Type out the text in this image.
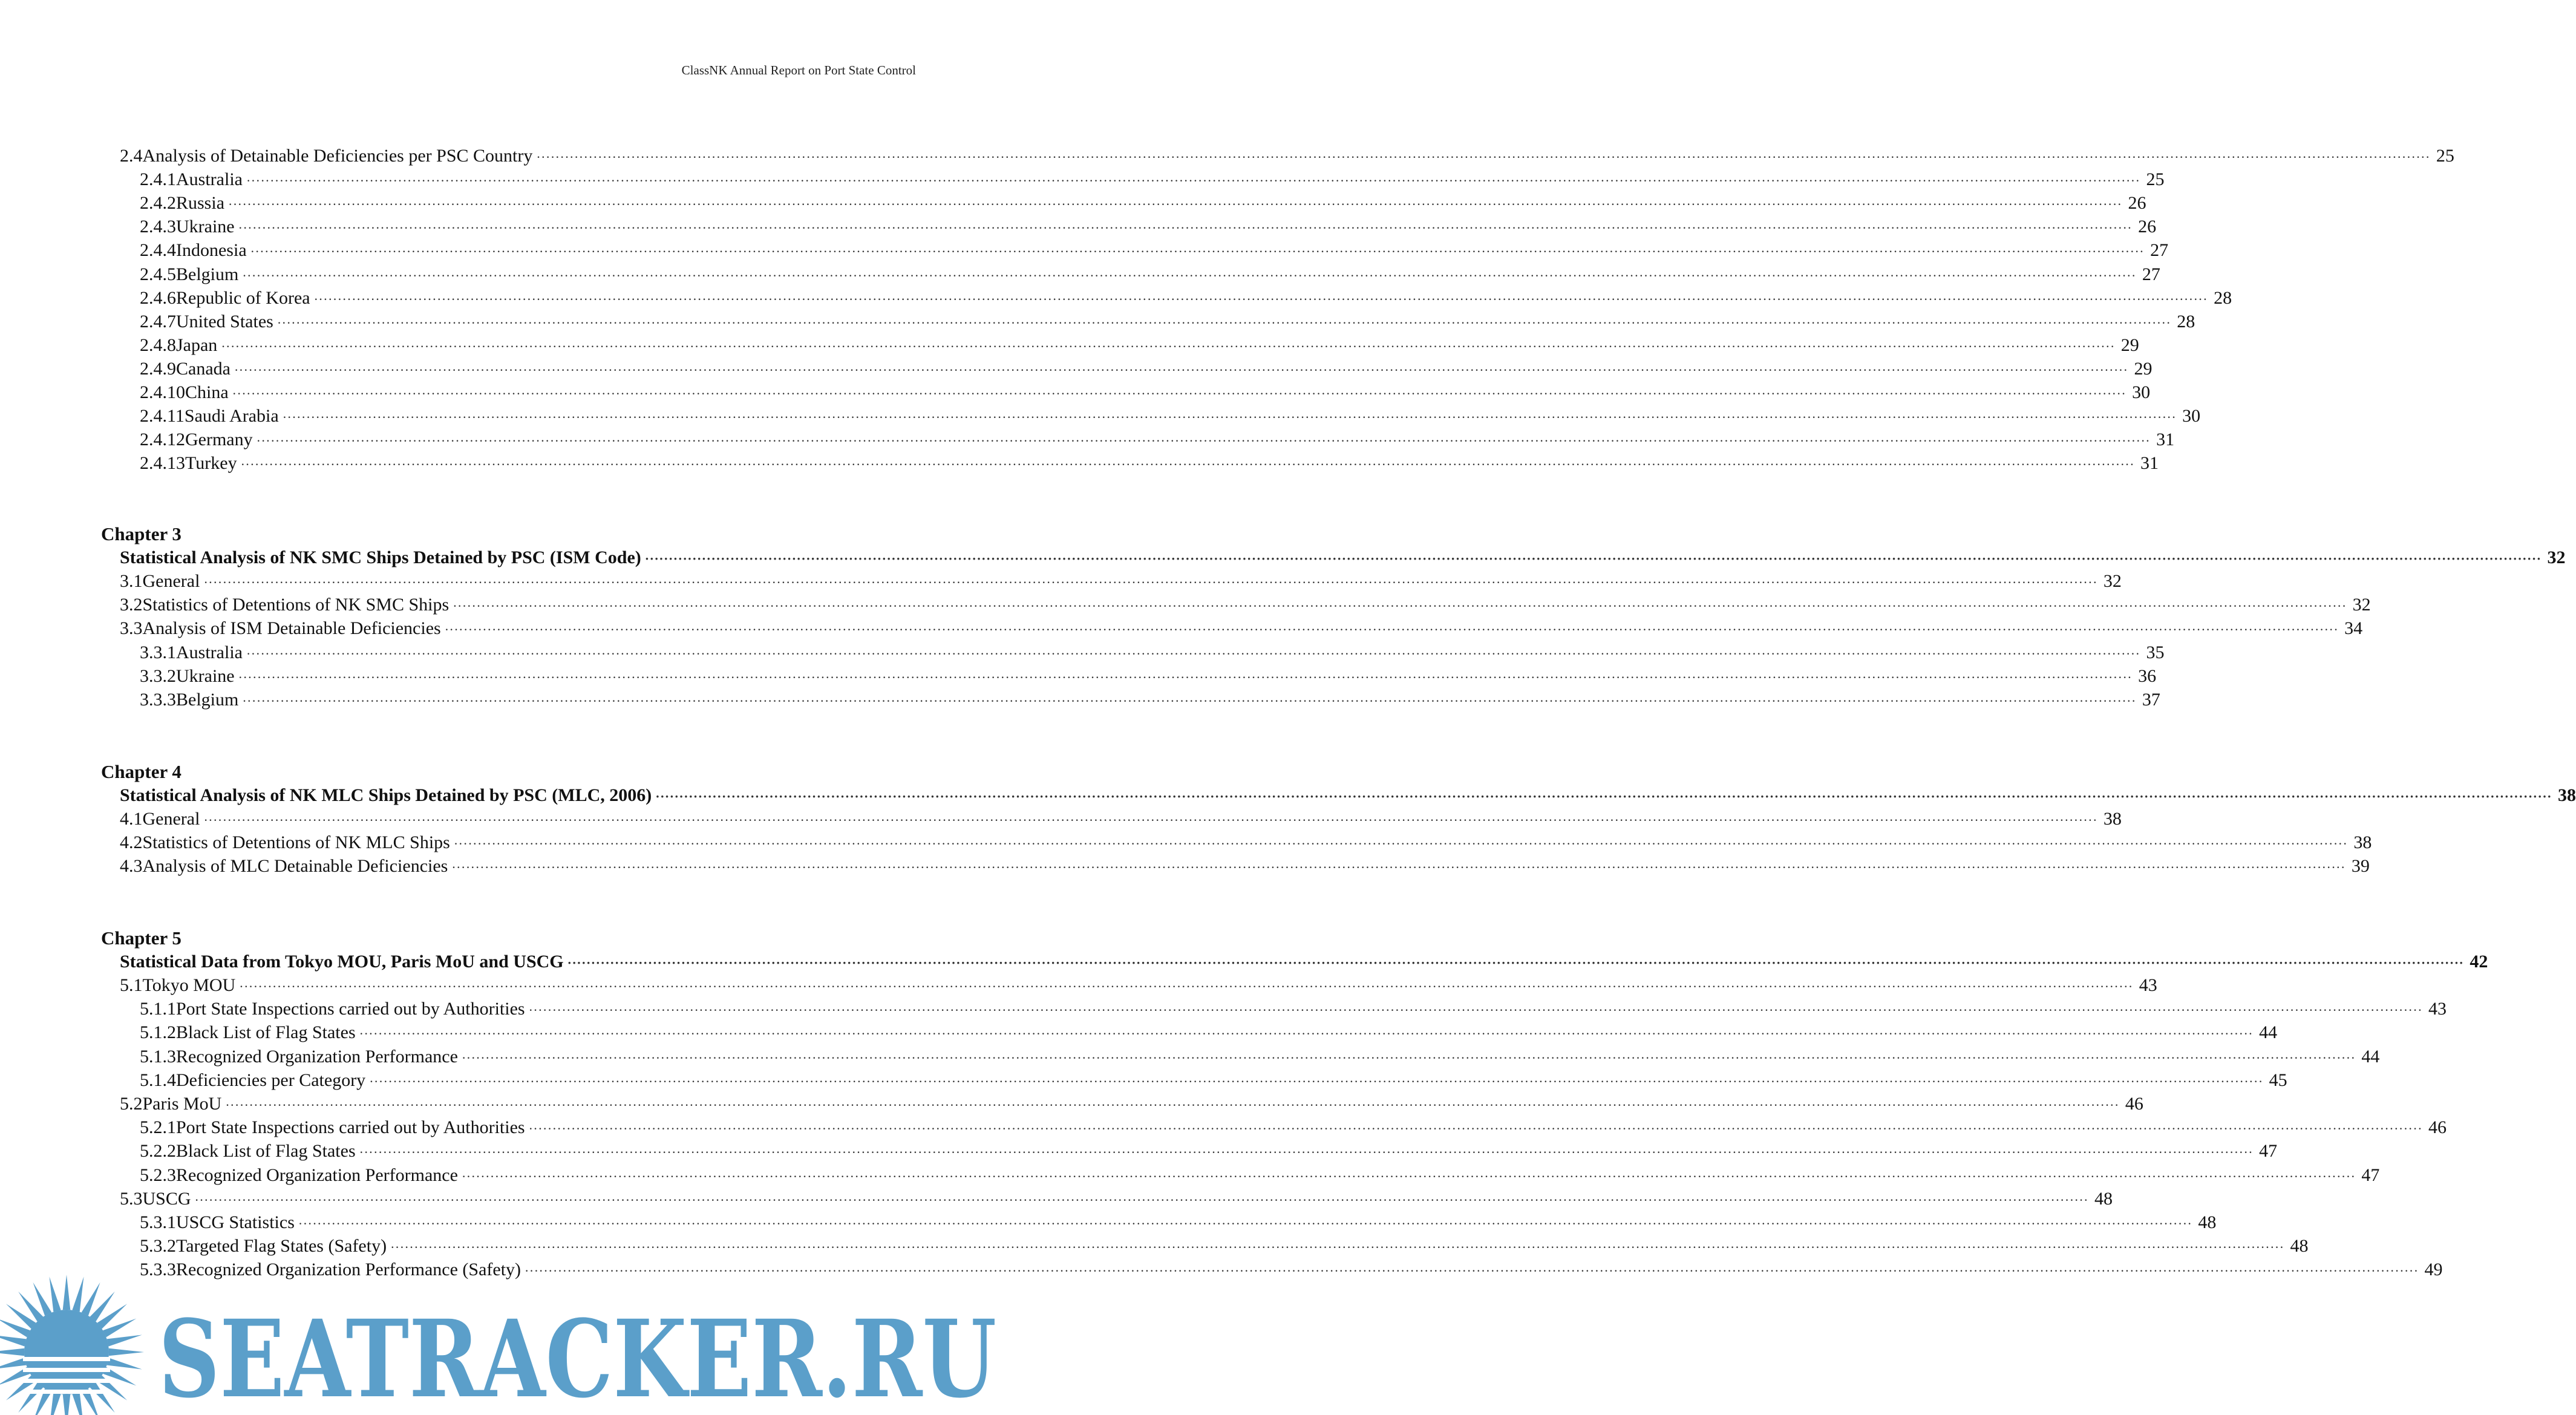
ClassNK Annual Report on Port State Control
2.4 Analysis of Detainable Deficiencies per PSC Country ················································································································································································································································································································································································································ 25
2.4.1 Australia ················································································································································································································································································································································································································ 25
2.4.2 Russia ················································································································································································································································································································································································································ 26
2.4.3 Ukraine ················································································································································································································································································································································································································ 26
2.4.4 Indonesia ················································································································································································································································································································································································································ 27
2.4.5 Belgium ················································································································································································································································································································································································································ 27
2.4.6 Republic of Korea ················································································································································································································································································································································································································ 28
2.4.7 United States ················································································································································································································································································································································································································ 28
2.4.8 Japan ················································································································································································································································································································································································································ 29
2.4.9 Canada ················································································································································································································································································································································································································ 29
2.4.10 China ················································································································································································································································································································································································································ 30
2.4.11 Saudi Arabia ················································································································································································································································································································································································································ 30
2.4.12 Germany ················································································································································································································································································································································································································ 31
2.4.13 Turkey ················································································································································································································································································································································································································ 31
Chapter 3
Statistical Analysis of NK SMC Ships Detained by PSC (ISM Code) ················································································································································································································································································································································································································ 32
3.1 General ················································································································································································································································································································································································································ 32
3.2 Statistics of Detentions of NK SMC Ships ················································································································································································································································································································································································································ 32
3.3 Analysis of ISM Detainable Deficiencies ················································································································································································································································································································································································································ 34
3.3.1 Australia ················································································································································································································································································································································································································ 35
3.3.2 Ukraine ················································································································································································································································································································································································································ 36
3.3.3 Belgium ················································································································································································································································································································································································································ 37
Chapter 4
Statistical Analysis of NK MLC Ships Detained by PSC (MLC, 2006) ················································································································································································································································································································································································································ 38
4.1 General ················································································································································································································································································································································································································ 38
4.2 Statistics of Detentions of NK MLC Ships ················································································································································································································································································································································································································ 38
4.3 Analysis of MLC Detainable Deficiencies ················································································································································································································································································································································································································ 39
Chapter 5
Statistical Data from Tokyo MOU, Paris MoU and USCG ················································································································································································································································································································································································································ 42
5.1 Tokyo MOU ················································································································································································································································································································································································································ 43
5.1.1 Port State Inspections carried out by Authorities ················································································································································································································································································································································································································ 43
5.1.2 Black List of Flag States ················································································································································································································································································································································································································ 44
5.1.3 Recognized Organization Performance ················································································································································································································································································································································································································ 44
5.1.4 Deficiencies per Category ················································································································································································································································································································································································································ 45
5.2 Paris MoU ················································································································································································································································································································································································································ 46
5.2.1 Port State Inspections carried out by Authorities ················································································································································································································································································································································································································ 46
5.2.2 Black List of Flag States ················································································································································································································································································································································································································ 47
5.2.3 Recognized Organization Performance ················································································································································································································································································································································································································ 47
5.3 USCG ················································································································································································································································································································································································································ 48
5.3.1 USCG Statistics ················································································································································································································································································································································································································ 48
5.3.2 Targeted Flag States (Safety) ················································································································································································································································································································································································································ 48
5.3.3 Recognized Organization Performance (Safety) ················································································································································································································································································································································································································ 49
SEATRACKER.RU
